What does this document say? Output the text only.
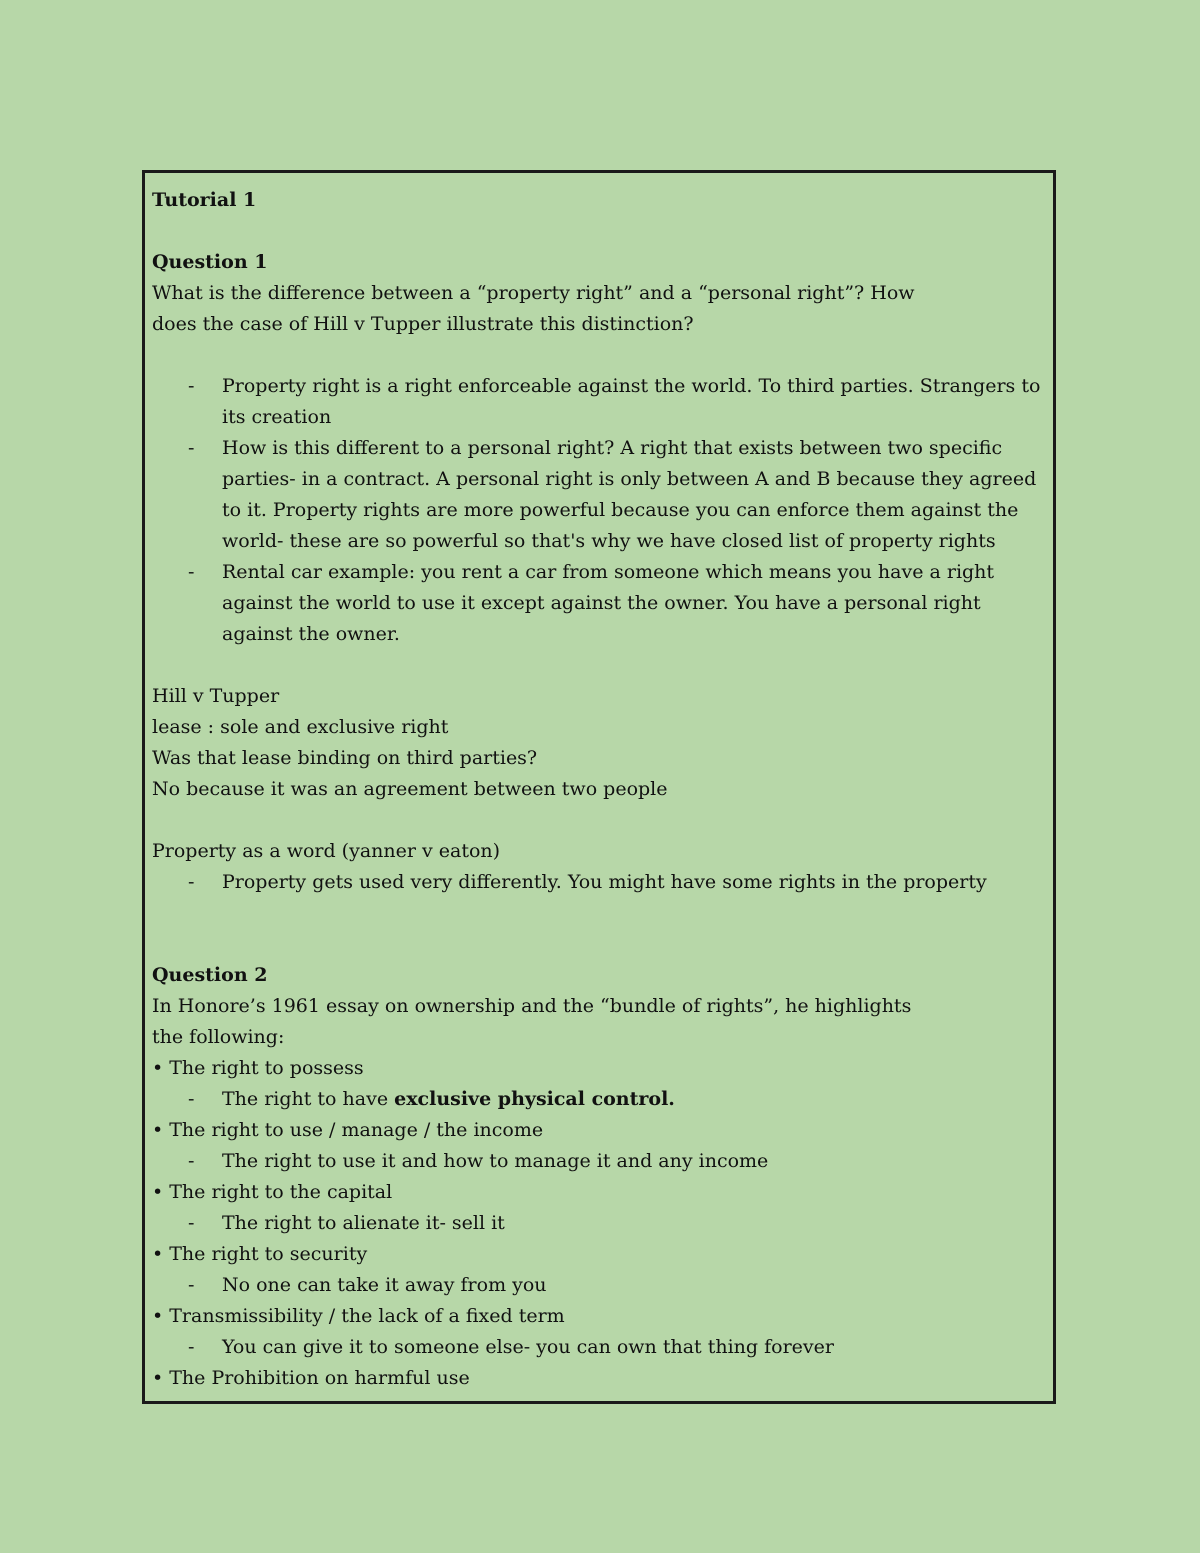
Tutorial 1
Question 1
What is the difference between a “property right” and a “personal right”? How
does the case of Hill v Tupper illustrate this distinction?
- Property right is a right enforceable against the world. To third parties. Strangers to its creation
- How is this different to a personal right? A right that exists between two specific parties- in a contract. A personal right is only between A and B because they agreed to it. Property rights are more powerful because you can enforce them against the world- these are so powerful so that's why we have closed list of property rights
- Rental car example: you rent a car from someone which means you have a right against the world to use it except against the owner. You have a personal right against the owner.
Hill v Tupper
lease : sole and exclusive right
Was that lease binding on third parties?
No because it was an agreement between two people
Property as a word (yanner v eaton)
- Property gets used very differently. You might have some rights in the property
Question 2
In Honore’s 1961 essay on ownership and the “bundle of rights”, he highlights
the following:
• The right to possess
- The right to have exclusive physical control.
• The right to use / manage / the income
- The right to use it and how to manage it and any income
• The right to the capital
- The right to alienate it- sell it
• The right to security
- No one can take it away from you
• Transmissibility / the lack of a fixed term
- You can give it to someone else- you can own that thing forever
• The Prohibition on harmful use
